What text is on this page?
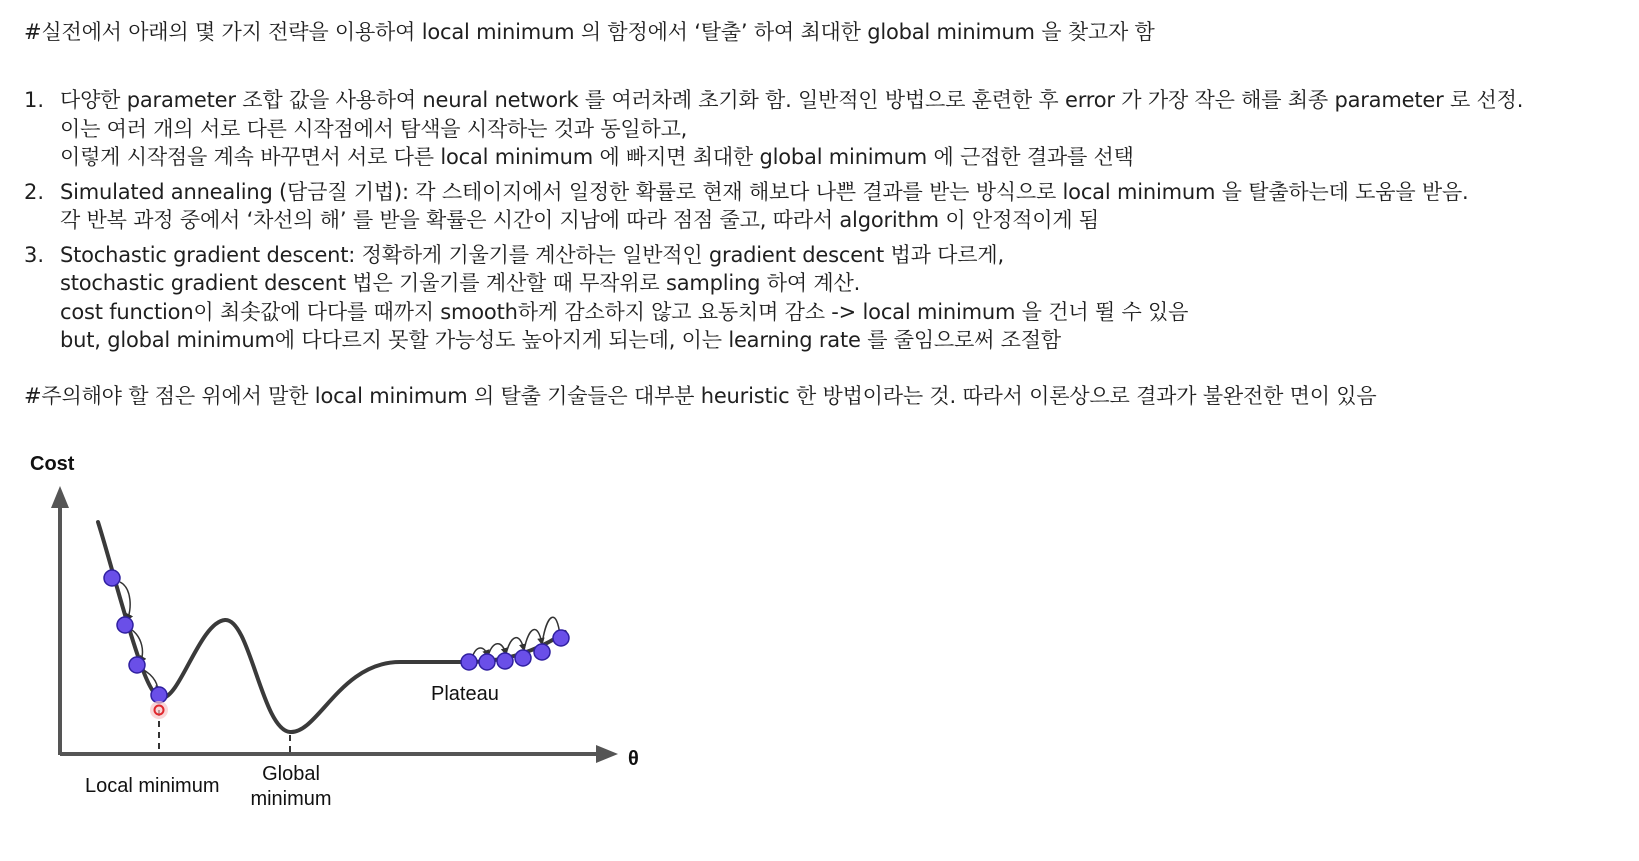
#실전에서 아래의 몇 가지 전략을 이용하여 local minimum 의 함정에서 ‘탈출’ 하여 최대한 global minimum 을 찾고자 함
1. 다양한 parameter 조합 값을 사용하여 neural network 를 여러차례 초기화 함. 일반적인 방법으로 훈련한 후 error 가 가장 작은 해를 최종 parameter 로 선정.
이는 여러 개의 서로 다른 시작점에서 탐색을 시작하는 것과 동일하고,
이렇게 시작점을 계속 바꾸면서 서로 다른 local minimum 에 빠지면 최대한 global minimum 에 근접한 결과를 선택
2. Simulated annealing (담금질 기법): 각 스테이지에서 일정한 확률로 현재 해보다 나쁜 결과를 받는 방식으로 local minimum 을 탈출하는데 도움을 받음.
각 반복 과정 중에서 ‘차선의 해’ 를 받을 확률은 시간이 지남에 따라 점점 줄고, 따라서 algorithm 이 안정적이게 됨
3. Stochastic gradient descent: 정확하게 기울기를 계산하는 일반적인 gradient descent 법과 다르게,
stochastic gradient descent 법은 기울기를 계산할 때 무작위로 sampling 하여 계산.
cost function이 최솟값에 다다를 때까지 smooth하게 감소하지 않고 요동치며 감소 -> local minimum 을 건너 뛸 수 있음
but, global minimum에 다다르지 못할 가능성도 높아지게 되는데, 이는 learning rate 를 줄임으로써 조절함
#주의해야 할 점은 위에서 말한 local minimum 의 탈출 기술들은 대부분 heuristic 한 방법이라는 것. 따라서 이론상으로 결과가 불완전한 면이 있음
Cost
θ
Plateau
Local minimum
Global
minimum
